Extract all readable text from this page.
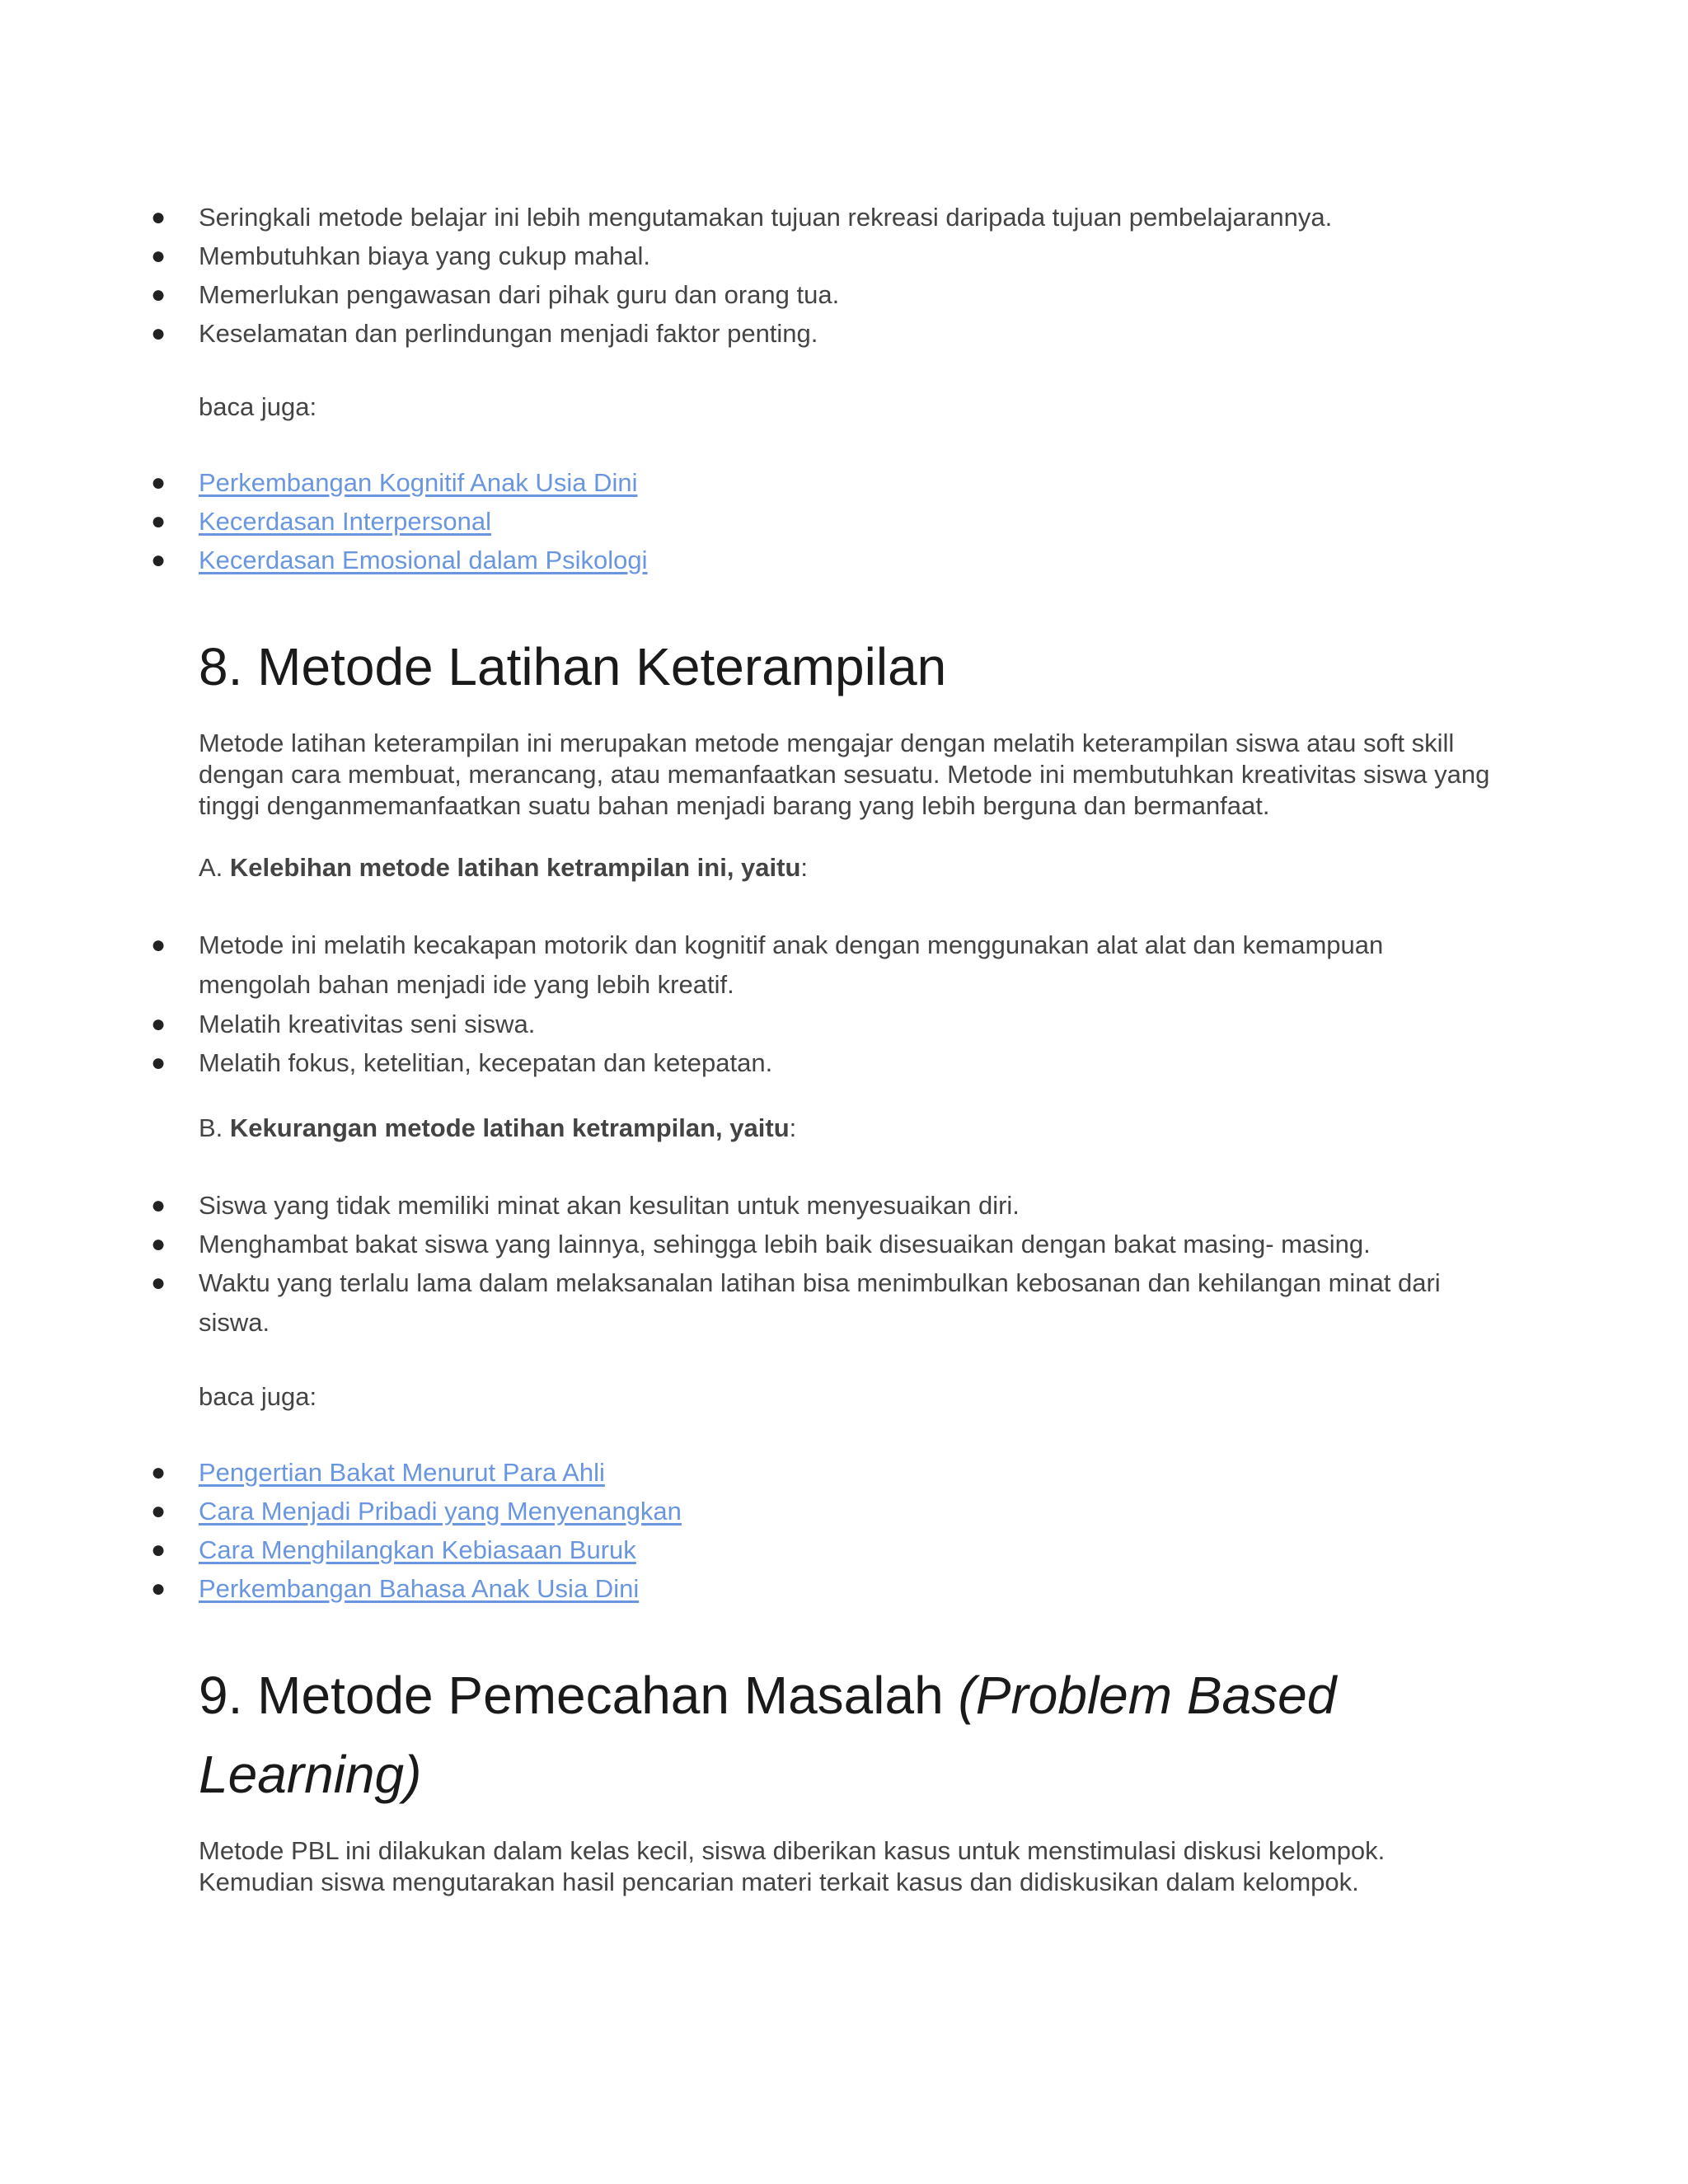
● Seringkali metode belajar ini lebih mengutamakan tujuan rekreasi daripada tujuan pembelajarannya.
● Membutuhkan biaya yang cukup mahal.
● Memerlukan pengawasan dari pihak guru dan orang tua.
● Keselamatan dan perlindungan menjadi faktor penting.

baca juga:

● Perkembangan Kognitif Anak Usia Dini
● Kecerdasan Interpersonal
● Kecerdasan Emosional dalam Psikologi
8. Metode Latihan Keterampilan

Metode latihan keterampilan ini merupakan metode mengajar dengan melatih keterampilan siswa atau soft skill dengan cara membuat, merancang, atau memanfaatkan sesuatu. Metode ini membutuhkan kreativitas siswa yang tinggi denganmemanfaatkan suatu bahan menjadi barang yang lebih berguna dan bermanfaat.

A. Kelebihan metode latihan ketrampilan ini, yaitu:

● Metode ini melatih kecakapan motorik dan kognitif anak dengan menggunakan alat alat dan kemampuan mengolah bahan menjadi ide yang lebih kreatif.
● Melatih kreativitas seni siswa.
● Melatih fokus, ketelitian, kecepatan dan ketepatan.

B. Kekurangan metode latihan ketrampilan, yaitu:

● Siswa yang tidak memiliki minat akan kesulitan untuk menyesuaikan diri.
● Menghambat bakat siswa yang lainnya, sehingga lebih baik disesuaikan dengan bakat masing- masing.
● Waktu yang terlalu lama dalam melaksanalan latihan bisa menimbulkan kebosanan dan kehilangan minat dari siswa.

baca juga:

● Pengertian Bakat Menurut Para Ahli
● Cara Menjadi Pribadi yang Menyenangkan
● Cara Menghilangkan Kebiasaan Buruk
● Perkembangan Bahasa Anak Usia Dini
9. Metode Pemecahan Masalah (Problem Based Learning)

Metode PBL ini dilakukan dalam kelas kecil, siswa diberikan kasus untuk menstimulasi diskusi kelompok. Kemudian siswa mengutarakan hasil pencarian materi terkait kasus dan didiskusikan dalam kelompok.
